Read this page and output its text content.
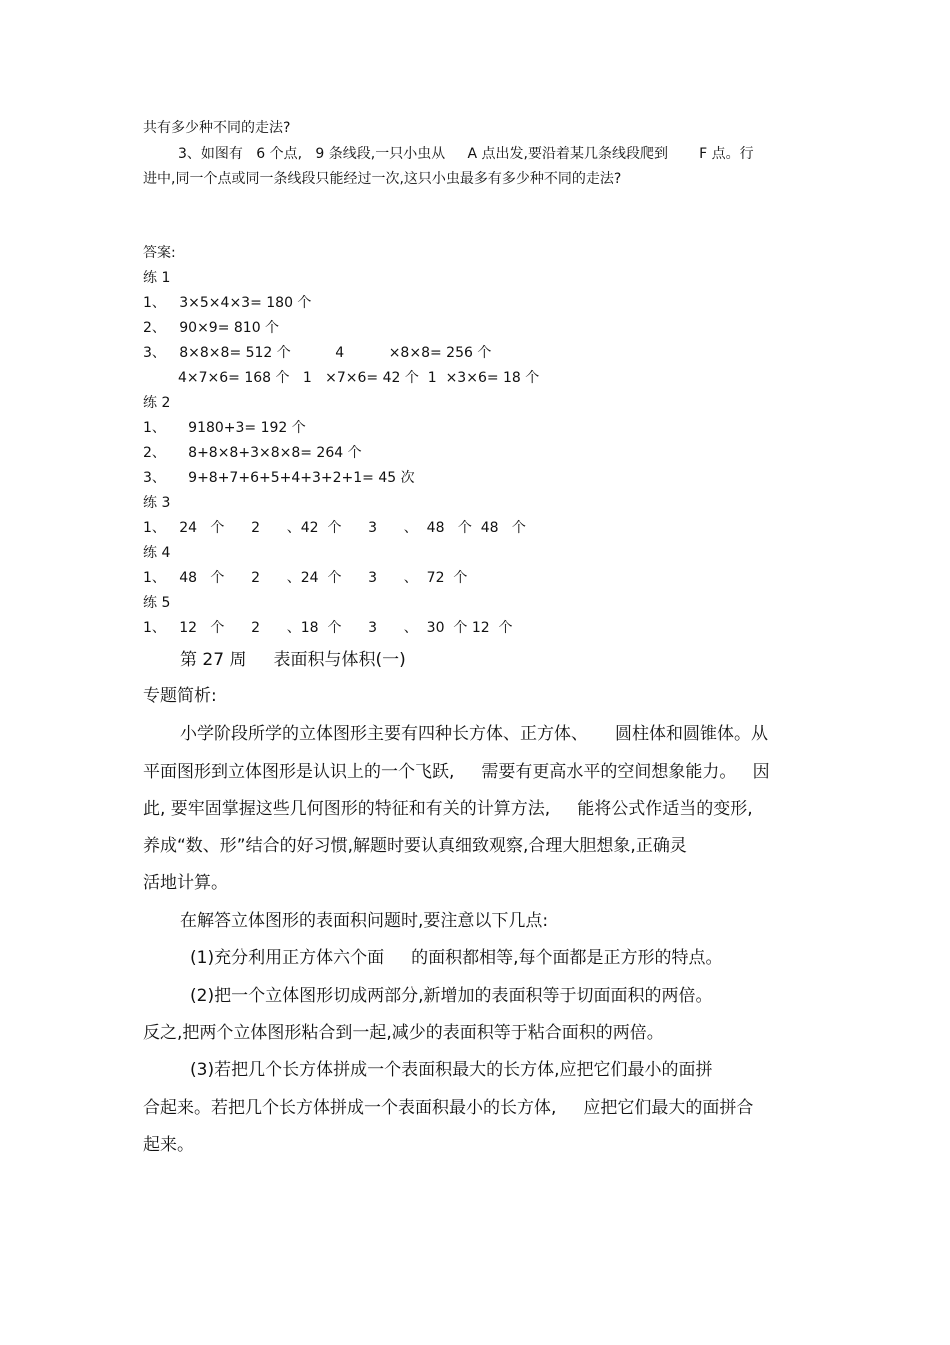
共有多少种不同的走法?
3、如图有   6 个点,   9 条线段,一只小虫从     A 点出发,要沿着某几条线段爬到       F 点。行
进中,同一个点或同一条线段只能经过一次,这只小虫最多有多少种不同的走法?
答案:
练 1
1、   3×5×4×3= 180 个
2、   90×9= 810 个
3、   8×8×8= 512 个          4          ×8×8= 256 个
4×7×6= 168 个   1   ×7×6= 42 个  1  ×3×6= 18 个
练 2
1、     9180+3= 192 个
2、     8+8×8+3×8×8= 264 个
3、     9+8+7+6+5+4+3+2+1= 45 次
练 3
1、   24   个      2      、42  个      3      、  48   个  48   个
练 4
1、   48   个      2      、24  个      3      、  72  个
练 5
1、   12   个      2      、18  个      3      、  30  个 12  个
第 27 周     表面积与体积(一)
专题简析:
小学阶段所学的立体图形主要有四种长方体、正方体、     圆柱体和圆锥体。从
平面图形到立体图形是认识上的一个飞跃,     需要有更高水平的空间想象能力。   因
此, 要牢固掌握这些几何图形的特征和有关的计算方法,     能将公式作适当的变形,
养成“数、形”结合的好习惯,解题时要认真细致观察,合理大胆想象,正确灵
活地计算。
在解答立体图形的表面积问题时,要注意以下几点:
(1)充分利用正方体六个面     的面积都相等,每个面都是正方形的特点。
(2)把一个立体图形切成两部分,新增加的表面积等于切面面积的两倍。
反之,把两个立体图形粘合到一起,减少的表面积等于粘合面积的两倍。
(3)若把几个长方体拼成一个表面积最大的长方体,应把它们最小的面拼
合起来。若把几个长方体拼成一个表面积最小的长方体,     应把它们最大的面拼合
起来。
